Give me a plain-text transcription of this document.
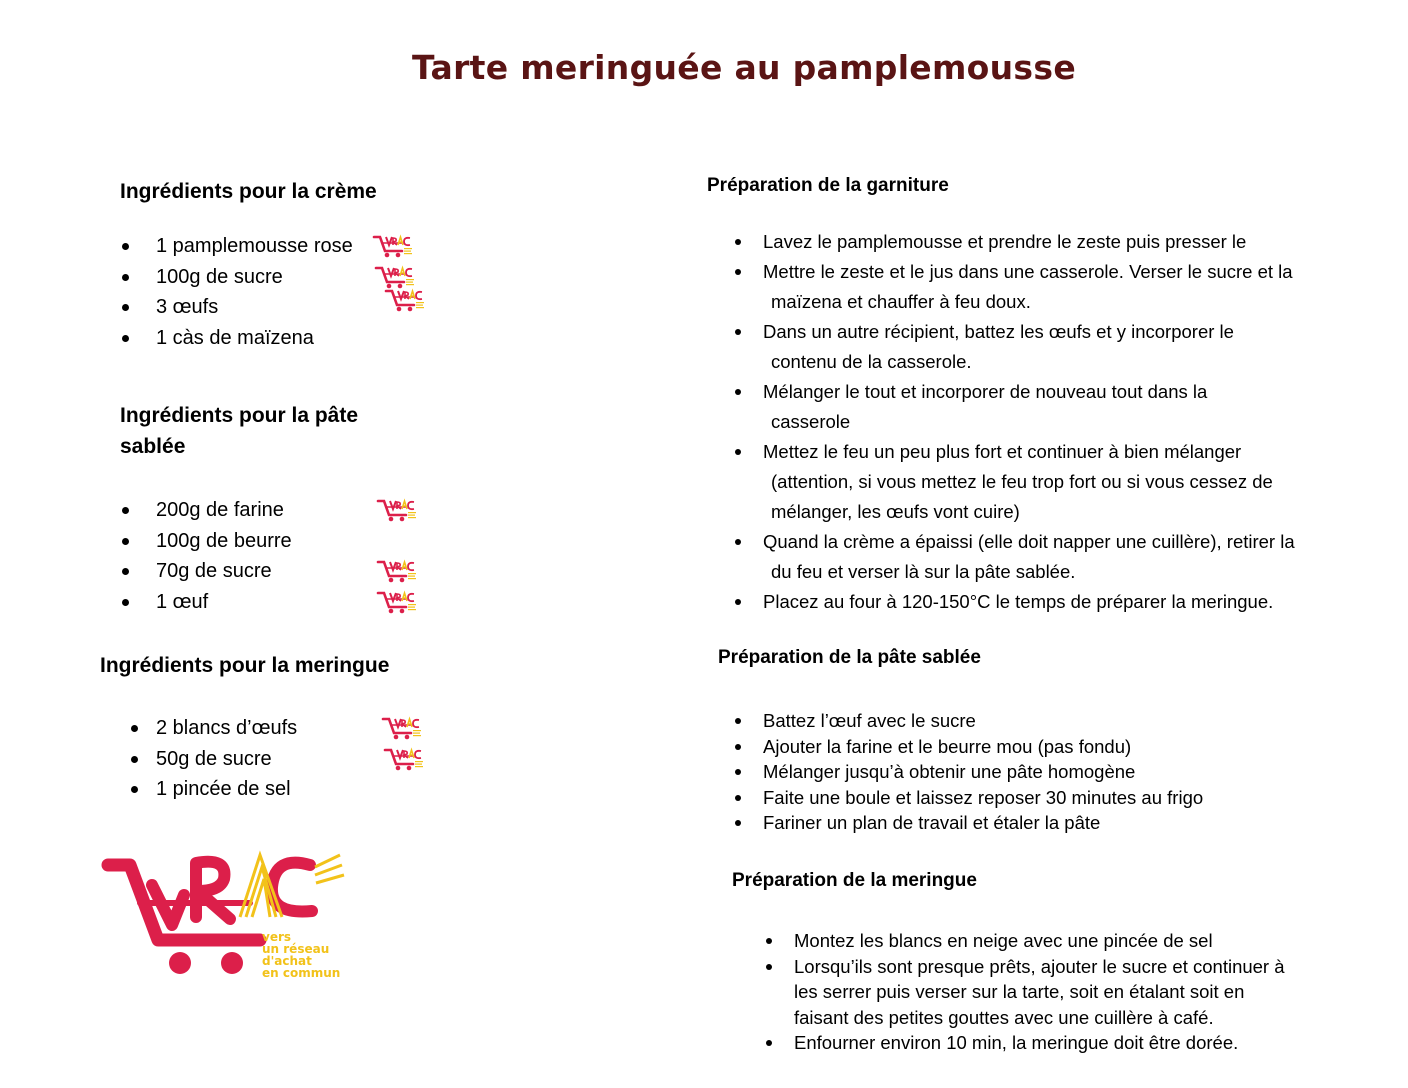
Tarte meringuée au pamplemousse
Ingrédients pour la crème
1 pamplemousse rose
100g de sucre
3 œufs
1 càs de maïzena
Ingrédients pour la pâte
sablée
200g de farine
100g de beurre
70g de sucre
1 œuf
Ingrédients pour la meringue
2 blancs d’œufs
50g de sucre
1 pincée de sel
vers
un réseau
d'achat
en commun
Préparation de la garniture
Lavez le pamplemousse et prendre le zeste puis presser le
Mettre le zeste et le jus dans une casserole. Verser le sucre et la
maïzena et chauffer à feu doux.
Dans un autre récipient, battez les œufs et y incorporer le
contenu de la casserole.
Mélanger le tout et incorporer de nouveau tout dans la
casserole
Mettez le feu un peu plus fort et continuer à bien mélanger
(attention, si vous mettez le feu trop fort ou si vous cessez de
mélanger, les œufs vont cuire)
Quand la crème a épaissi (elle doit napper une cuillère), retirer la
du feu et verser là sur la pâte sablée.
Placez au four à 120-150°C le temps de préparer la meringue.
Préparation de la pâte sablée
Battez l’œuf avec le sucre
Ajouter la farine et le beurre mou (pas fondu)
Mélanger jusqu’à obtenir une pâte homogène
Faite une boule et laissez reposer 30 minutes au frigo
Fariner un plan de travail et étaler la pâte
Préparation de la meringue
Montez les blancs en neige avec une pincée de sel
Lorsqu’ils sont presque prêts, ajouter le sucre et continuer à
les serrer puis verser sur la tarte, soit en étalant soit en
faisant des petites gouttes avec une cuillère à café.
Enfourner environ 10 min, la meringue doit être dorée.
